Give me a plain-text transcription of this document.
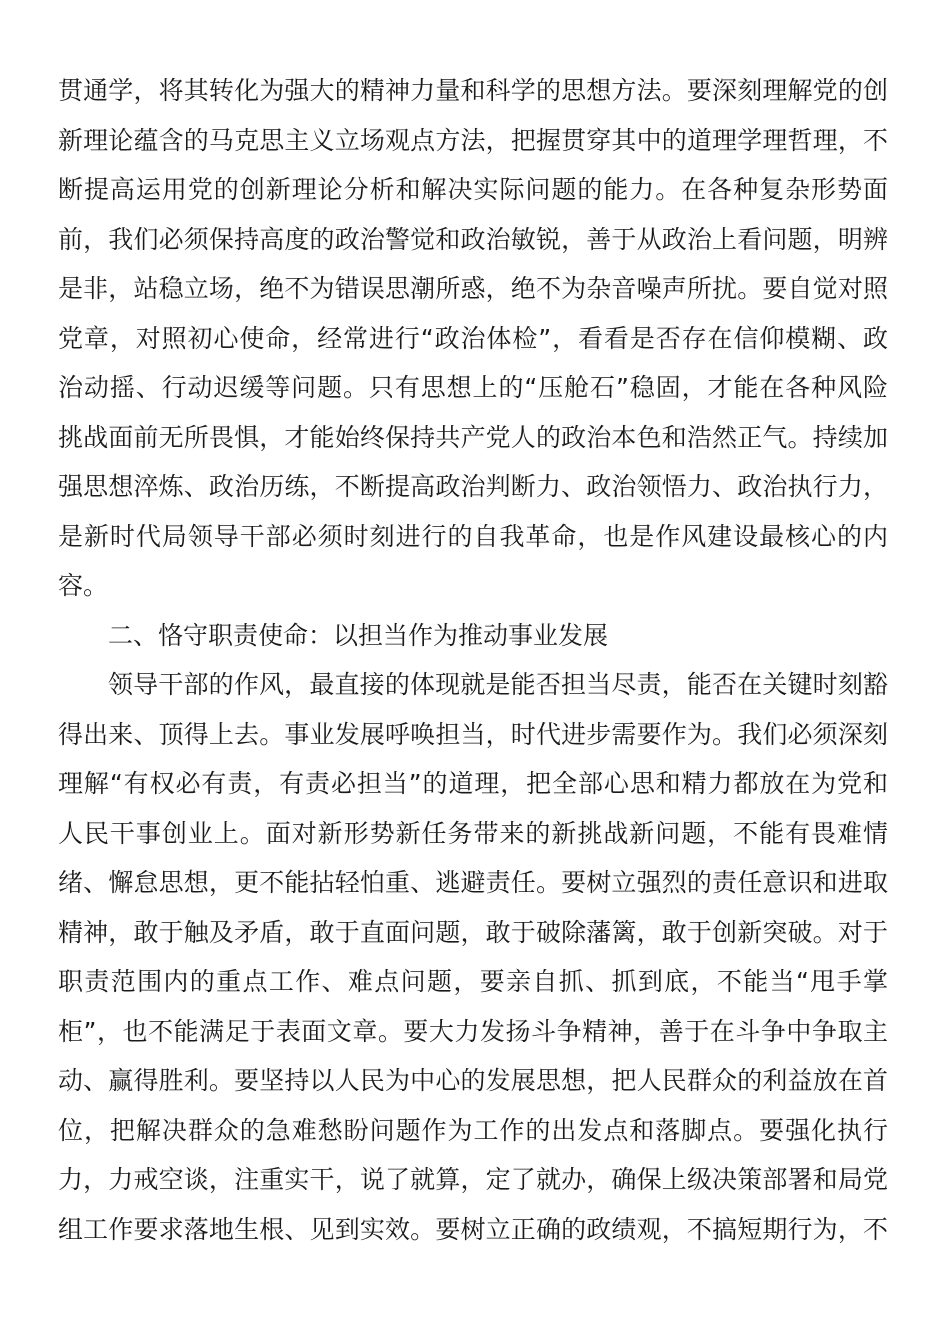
贯通学，将其转化为强大的精神力量和科学的思想方法。要深刻理解党的创
新理论蕴含的马克思主义立场观点方法，把握贯穿其中的道理学理哲理，不
断提高运用党的创新理论分析和解决实际问题的能力。在各种复杂形势面
前，我们必须保持高度的政治警觉和政治敏锐，善于从政治上看问题，明辨
是非，站稳立场，绝不为错误思潮所惑，绝不为杂音噪声所扰。要自觉对照
党章，对照初心使命，经常进行“政治体检”，看看是否存在信仰模糊、政
治动摇、行动迟缓等问题。只有思想上的“压舱石”稳固，才能在各种风险
挑战面前无所畏惧，才能始终保持共产党人的政治本色和浩然正气。持续加
强思想淬炼、政治历练，不断提高政治判断力、政治领悟力、政治执行力，
是新时代局领导干部必须时刻进行的自我革命，也是作风建设最核心的内
容。
二、恪守职责使命：以担当作为推动事业发展
领导干部的作风，最直接的体现就是能否担当尽责，能否在关键时刻豁
得出来、顶得上去。事业发展呼唤担当，时代进步需要作为。我们必须深刻
理解“有权必有责，有责必担当”的道理，把全部心思和精力都放在为党和
人民干事创业上。面对新形势新任务带来的新挑战新问题，不能有畏难情
绪、懈怠思想，更不能拈轻怕重、逃避责任。要树立强烈的责任意识和进取
精神，敢于触及矛盾，敢于直面问题，敢于破除藩篱，敢于创新突破。对于
职责范围内的重点工作、难点问题，要亲自抓、抓到底，不能当“甩手掌
柜”，也不能满足于表面文章。要大力发扬斗争精神，善于在斗争中争取主
动、赢得胜利。要坚持以人民为中心的发展思想，把人民群众的利益放在首
位，把解决群众的急难愁盼问题作为工作的出发点和落脚点。要强化执行
力，力戒空谈，注重实干，说了就算，定了就办，确保上级决策部署和局党
组工作要求落地生根、见到实效。要树立正确的政绩观，不搞短期行为，不
